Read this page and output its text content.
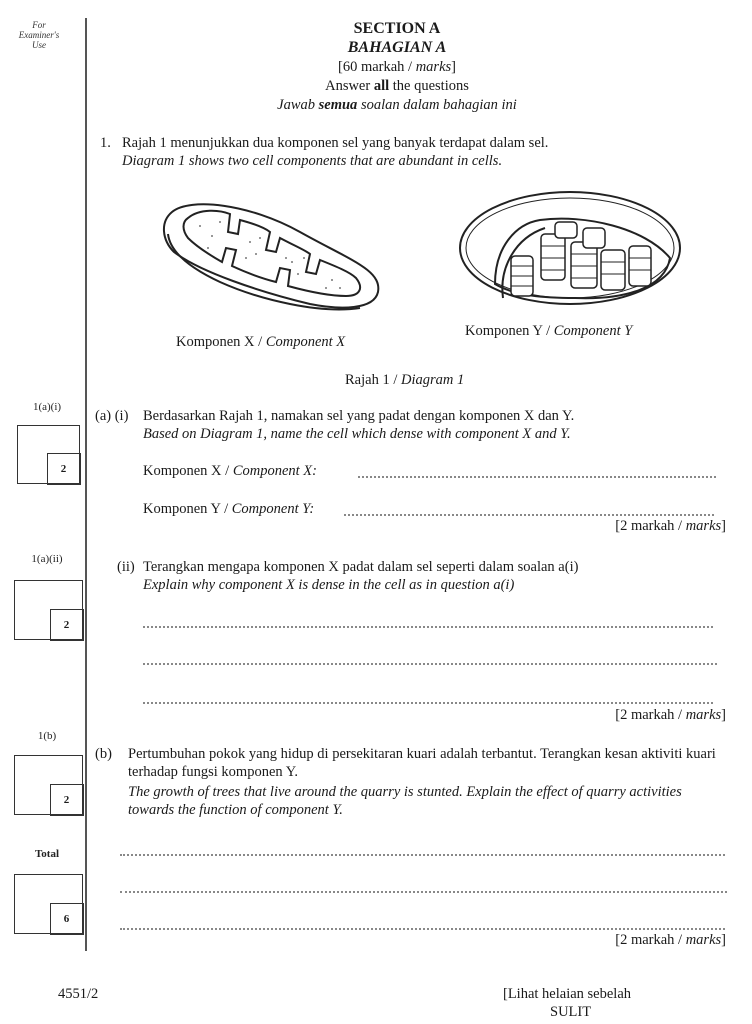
For
Examiner's
Use
SECTION A
BAHAGIAN A
[60 markah / marks]
Answer all the questions
Jawab semua soalan dalam bahagian ini
1. Rajah 1 menunjukkan dua komponen sel yang banyak terdapat dalam sel.
Diagram 1 shows two cell components that are abundant in cells.
Komponen X / Component X
Komponen Y / Component Y
Rajah 1 / Diagram 1
1(a)(i)
2
(a) (i) Berdasarkan Rajah 1, namakan sel yang padat dengan komponen X dan Y.
Based on Diagram 1, name the cell which dense with component X and Y.
Komponen X / Component X:
Komponen Y / Component Y:
[2 markah / marks]
1(a)(ii)
2
(ii) Terangkan mengapa komponen X padat dalam sel seperti dalam soalan a(i)
Explain why component X is dense in the cell as in question a(i)
[2 markah / marks]
1(b)
2
(b) Pertumbuhan pokok yang hidup di persekitaran kuari adalah terbantut. Terangkan kesan aktiviti kuari terhadap fungsi komponen Y.
The growth of trees that live around the quarry is stunted. Explain the effect of quarry activities towards the function of component Y.
[2 markah / marks]
Total
6
4551/2	[Lihat helaian sebelah
SULIT
